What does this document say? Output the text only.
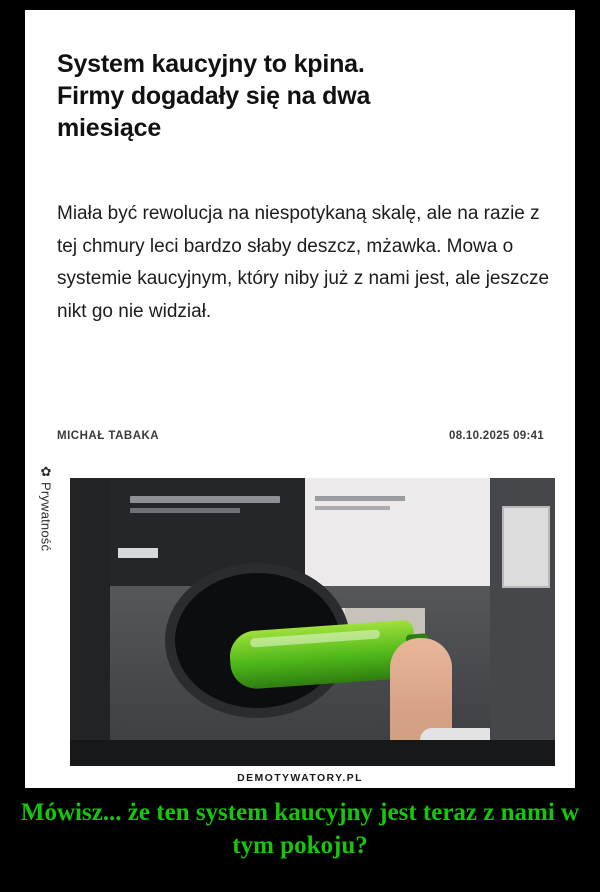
System kaucyjny to kpina. Firmy dogadały się na dwa miesiące
Miała być rewolucja na niespotykaną skalę, ale na razie z tej chmury leci bardzo słaby deszcz, mżawka. Mowa o systemie kaucyjnym, który niby już z nami jest, ale jeszcze nikt go nie widział.
MICHAŁ TABAKA	08.10.2025 09:41
✿
Prywatność
DEMOTYWATORY.PL
Mówisz... że ten system kaucyjny jest teraz z nami w tym pokoju?
